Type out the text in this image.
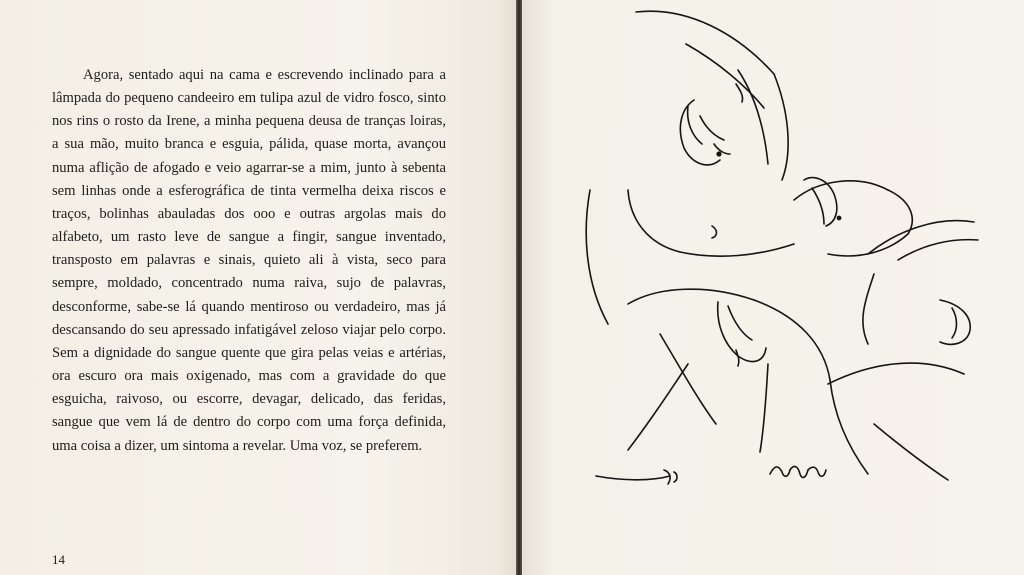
Agora, sentado aqui na cama e escrevendo inclinado para a lâmpada do pequeno candeeiro em tulipa azul de vidro fosco, sinto nos rins o rosto da Irene, a minha pequena deusa de tranças loiras, a sua mão, muito branca e esguia, pálida, quase morta, avançou numa aflição de afogado e veio agarrar-se a mim, junto à sebenta sem linhas onde a esferográfica de tinta vermelha deixa riscos e traços, bolinhas abauladas dos ooo e outras argolas mais do alfabeto, um rasto leve de sangue a fingir, sangue inventado, transposto em palavras e sinais, quieto ali à vista, seco para sempre, moldado, concentrado numa raiva, sujo de palavras, desconforme, sabe-se lá quando mentiroso ou verdadeiro, mas já descansando do seu apressado infatigável zeloso viajar pelo corpo. Sem a dignidade do sangue quente que gira pelas veias e artérias, ora escuro ora mais oxigenado, mas com a gravidade do que esguicha, raivoso, ou escorre, devagar, delicado, das feridas, sangue que vem lá de dentro do corpo com uma força definida, uma coisa a dizer, um sintoma a revelar. Uma voz, se preferem.

14
